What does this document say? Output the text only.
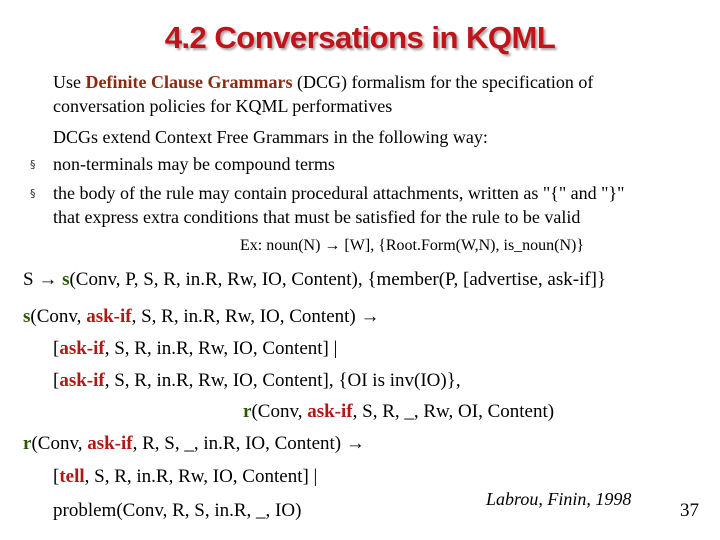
4.2 Conversations in KQML
Use Definite Clause Grammars (DCG) formalism for the specification of
conversation policies for KQML performatives
DCGs extend Context Free Grammars in the following way:
§ non-terminals may be compound terms
§ the body of the rule may contain procedural attachments, written as "{" and "}"
that express extra conditions that must be satisfied for the rule to be valid
Ex: noun(N) → [W], {Root.Form(W,N), is_noun(N)}
S → s(Conv, P, S, R, in.R, Rw, IO, Content), {member(P, [advertise, ask-if]}
s(Conv, ask-if, S, R, in.R, Rw, IO, Content) →
[ask-if, S, R, in.R, Rw, IO, Content] |
[ask-if, S, R, in.R, Rw, IO, Content], {OI is inv(IO)},
r(Conv, ask-if, S, R, _, Rw, OI, Content)
r(Conv, ask-if, R, S, _, in.R, IO, Content) →
[tell, S, R, in.R, Rw, IO, Content] |
problem(Conv, R, S, in.R, _, IO)
Labrou, Finin, 1998
37
